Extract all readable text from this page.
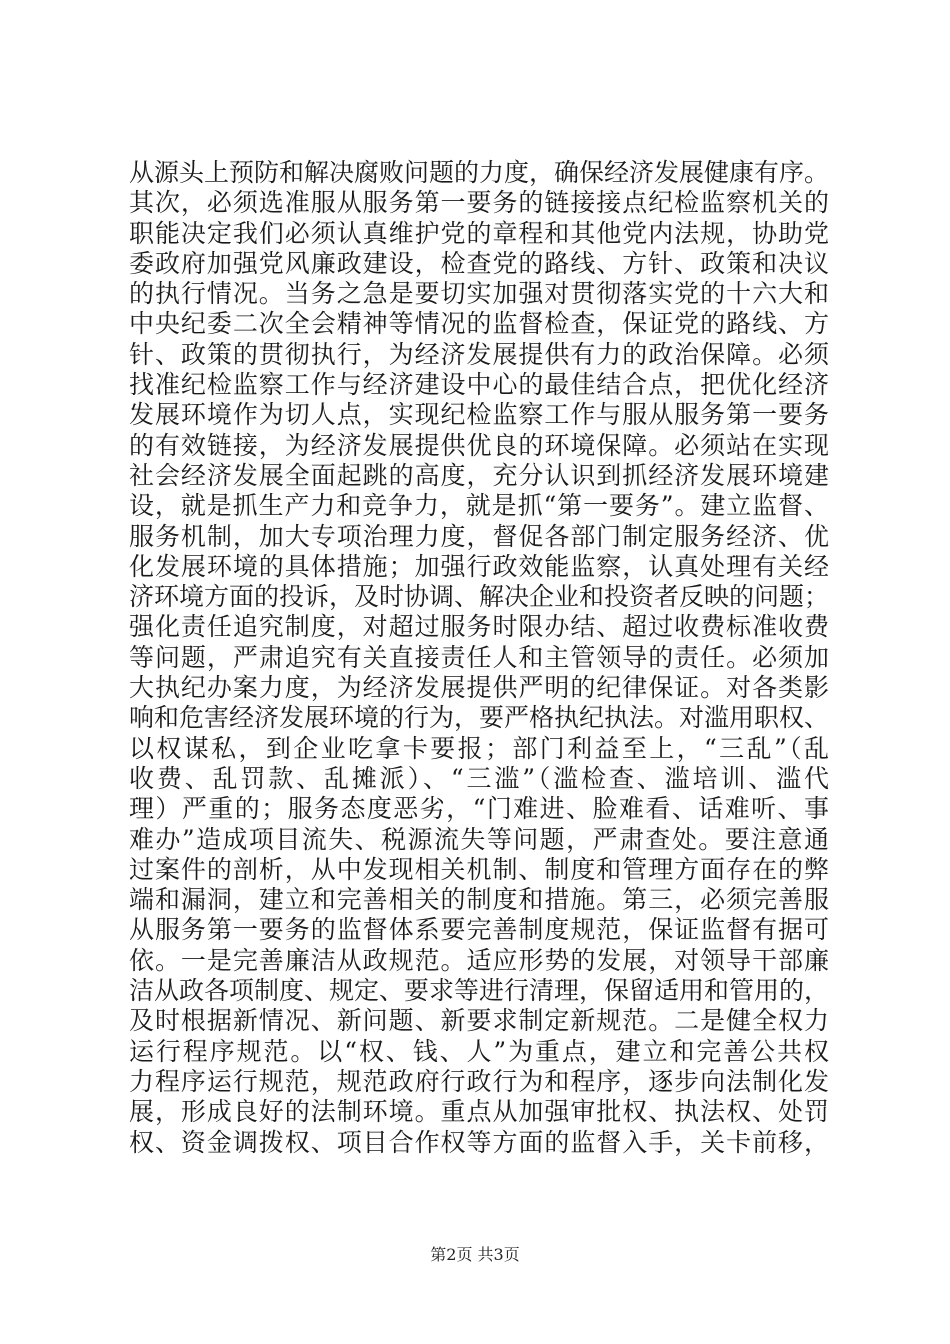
从源头上预防和解决腐败问题的力度，确保经济发展健康有序。
其次，必须选准服从服务第一要务的链接接点纪检监察机关的
职能决定我们必须认真维护党的章程和其他党内法规，协助党
委政府加强党风廉政建设，检查党的路线、方针、政策和决议
的执行情况。当务之急是要切实加强对贯彻落实党的十六大和
中央纪委二次全会精神等情况的监督检查，保证党的路线、方
针、政策的贯彻执行，为经济发展提供有力的政治保障。必须
找准纪检监察工作与经济建设中心的最佳结合点，把优化经济
发展环境作为切人点，实现纪检监察工作与服从服务第一要务
的有效链接，为经济发展提供优良的环境保障。必须站在实现
社会经济发展全面起跳的高度，充分认识到抓经济发展环境建
设，就是抓生产力和竞争力，就是抓“第一要务”。建立监督、
服务机制，加大专项治理力度，督促各部门制定服务经济、优
化发展环境的具体措施；加强行政效能监察，认真处理有关经
济环境方面的投诉，及时协调、解决企业和投资者反映的问题；
强化责任追究制度，对超过服务时限办结、超过收费标准收费
等问题，严肃追究有关直接责任人和主管领导的责任。必须加
大执纪办案力度，为经济发展提供严明的纪律保证。对各类影
响和危害经济发展环境的行为，要严格执纪执法。对滥用职权、
以权谋私，到企业吃拿卡要报；部门利益至上，“三乱”（乱
收费、乱罚款、乱摊派）、“三滥”（滥检查、滥培训、滥代
理）严重的；服务态度恶劣，“门难进、脸难看、话难听、事
难办”造成项目流失、税源流失等问题，严肃查处。要注意通
过案件的剖析，从中发现相关机制、制度和管理方面存在的弊
端和漏洞，建立和完善相关的制度和措施。第三，必须完善服
从服务第一要务的监督体系要完善制度规范，保证监督有据可
依。一是完善廉洁从政规范。适应形势的发展，对领导干部廉
洁从政各项制度、规定、要求等进行清理，保留适用和管用的，
及时根据新情况、新问题、新要求制定新规范。二是健全权力
运行程序规范。以“权、钱、人”为重点，建立和完善公共权
力程序运行规范，规范政府行政行为和程序，逐步向法制化发
展，形成良好的法制环境。重点从加强审批权、执法权、处罚
权、资金调拨权、项目合作权等方面的监督入手，关卡前移，
第2页 共3页
